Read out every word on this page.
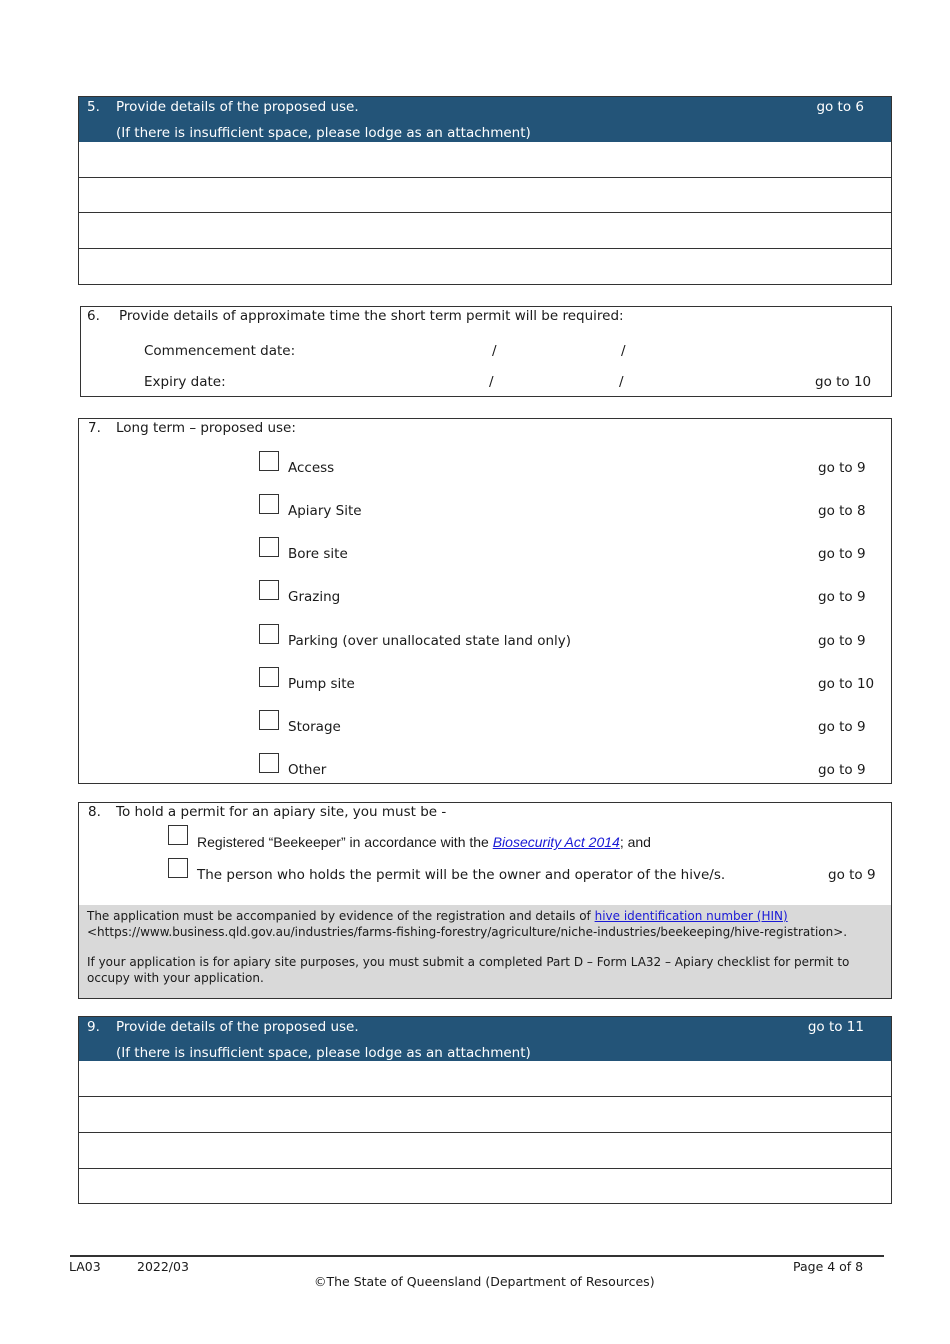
5. Provide details of the proposed use.
(If there is insufficient space, please lodge as an attachment)
go to 6
6. Provide details of approximate time the short term permit will be required:
Commencement date:	/	/
Expiry date:	/	/	go to 10
7. Long term – proposed use:
Access	go to 9
Apiary Site	go to 8
Bore site	go to 9
Grazing	go to 9
Parking (over unallocated state land only)	go to 9
Pump site	go to 10
Storage	go to 9
Other	go to 9
8. To hold a permit for an apiary site, you must be -
Registered “Beekeeper” in accordance with the Biosecurity Act 2014; and
The person who holds the permit will be the owner and operator of the hive/s.	go to 9
The application must be accompanied by evidence of the registration and details of hive identification number (HIN)
<https://www.business.qld.gov.au/industries/farms-fishing-forestry/agriculture/niche-industries/beekeeping/hive-registration>.
If your application is for apiary site purposes, you must submit a completed Part D – Form LA32 – Apiary checklist for permit to occupy with your application.
9. Provide details of the proposed use.
(If there is insufficient space, please lodge as an attachment)
go to 11
LA03	2022/03	Page 4 of 8
©The State of Queensland (Department of Resources)
